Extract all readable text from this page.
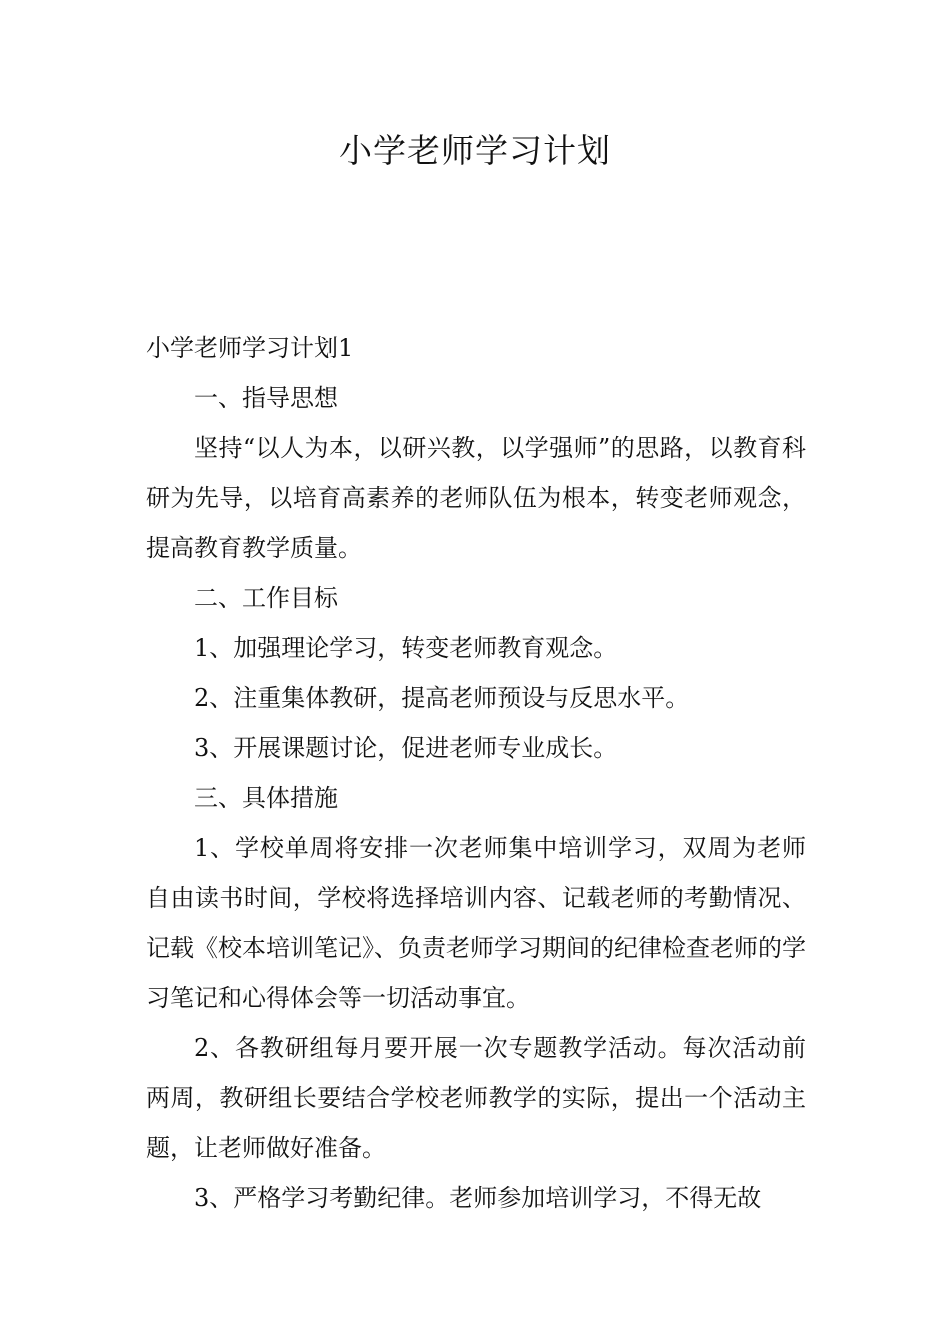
小学老师学习计划

小学老师学习计划1

一、指导思想

坚持“以人为本，以研兴教，以学强师”的思路，以教育科研为先导，以培育高素养的老师队伍为根本，转变老师观念，提高教育教学质量。

二、工作目标

1、加强理论学习，转变老师教育观念。

2、注重集体教研，提高老师预设与反思水平。

3、开展课题讨论，促进老师专业成长。

三、具体措施

1、学校单周将安排一次老师集中培训学习，双周为老师自由读书时间，学校将选择培训内容、记载老师的考勤情况、记载《校本培训笔记》、负责老师学习期间的纪律检查老师的学习笔记和心得体会等一切活动事宜。

2、各教研组每月要开展一次专题教学活动。每次活动前两周，教研组长要结合学校老师教学的实际，提出一个活动主题，让老师做好准备。

3、严格学习考勤纪律。老师参加培训学习，不得无故
